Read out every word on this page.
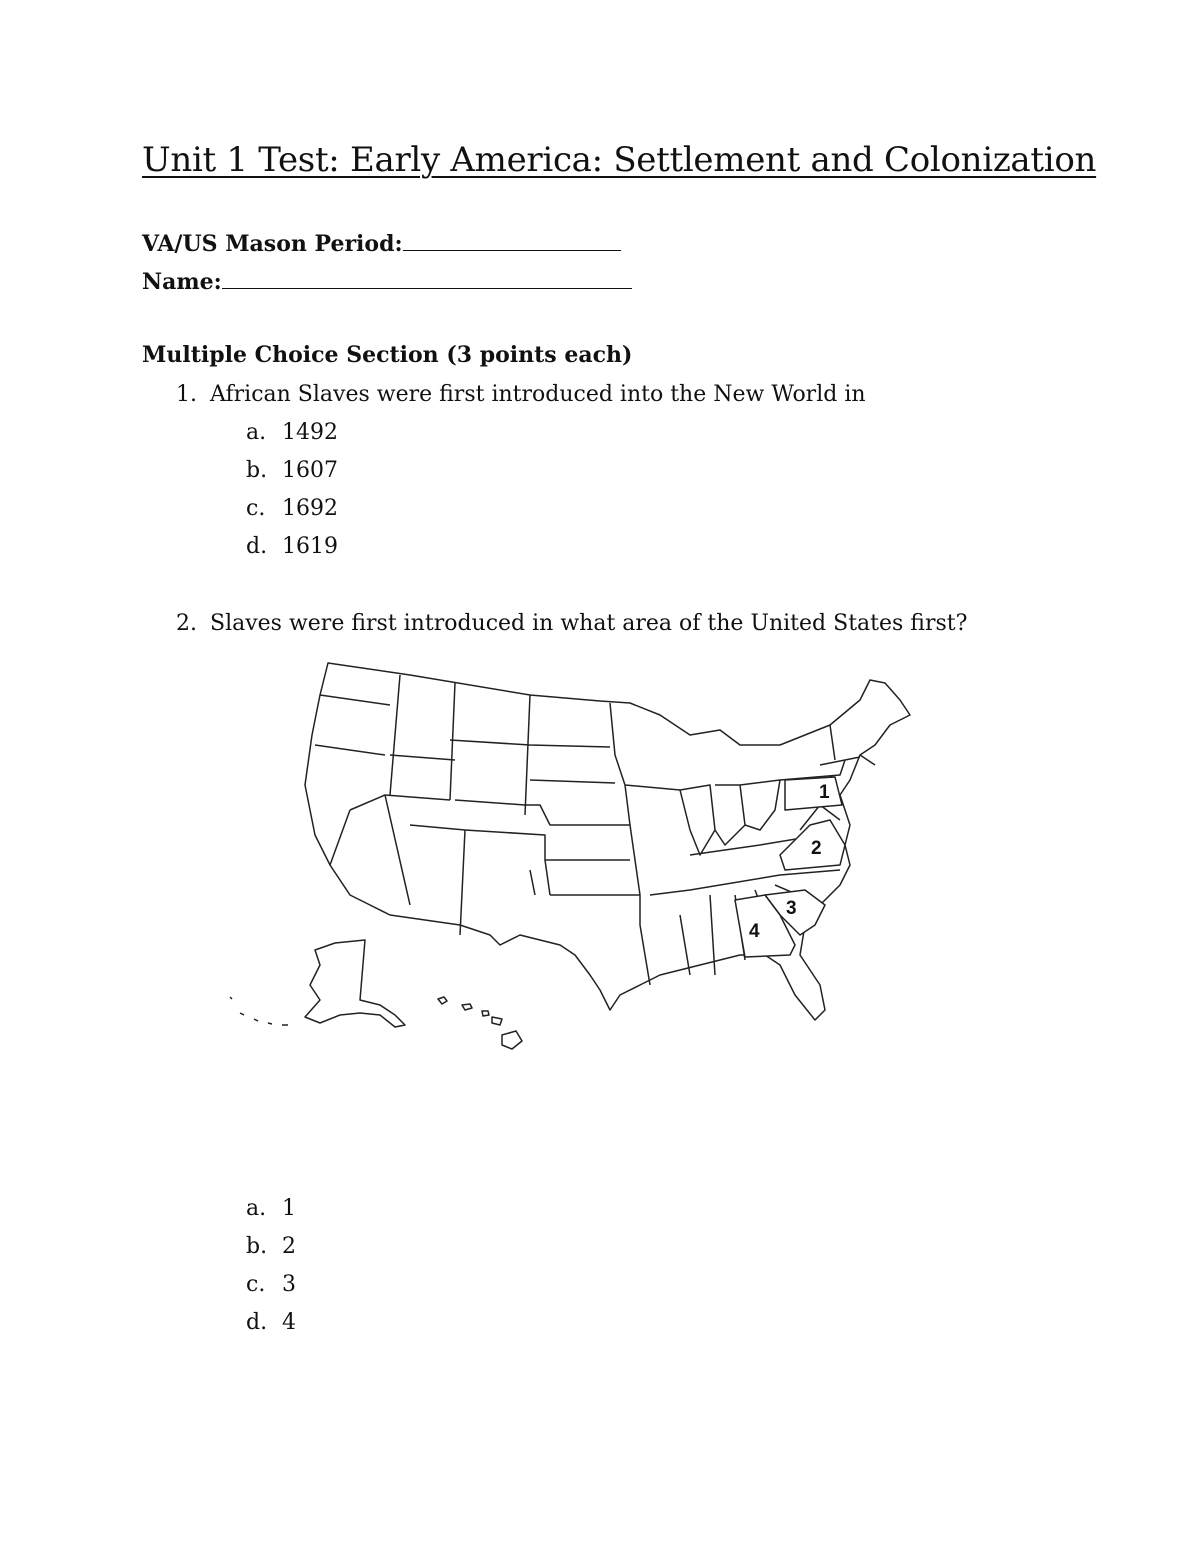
Unit 1 Test: Early America: Settlement and Colonization
VA/US Mason Period:
Name:
Multiple Choice Section (3 points each)
1. African Slaves were first introduced into the New World in
a. 1492
b. 1607
c. 1692
d. 1619
2. Slaves were first introduced in what area of the United States first?
1
2
3
4
a. 1
b. 2
c. 3
d. 4
